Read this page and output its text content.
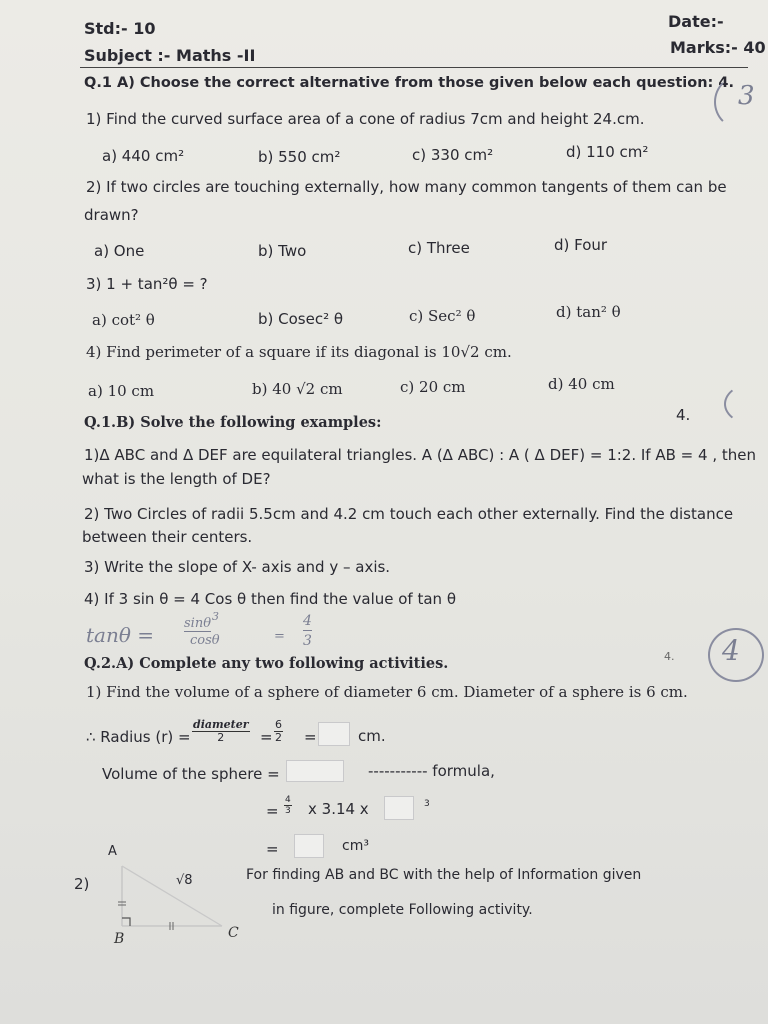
Std:- 10
Subject :- Maths -II
Date:-
Marks:- 40
Q.1 A) Choose the correct alternative from those given below each question: 4. 3
1) Find the curved surface area of a cone of radius 7cm and height 24.cm.
a) 440 cm²	b) 550 cm²	c) 330 cm²	d) 110 cm²
2) If two circles are touching externally, how many common tangents of them can be
drawn?
a) One	b) Two	c) Three	d) Four
3) 1 + tan²θ = ?
a) cot² θ	b) Cosec² θ	c) Sec² θ	d) tan² θ
4) Find perimeter of a square if its diagonal is 10√2 cm.
a) 10 cm	b) 40 √2 cm	c) 20 cm	d) 40 cm
Q.1.B) Solve the following examples:	4.
1)Δ ABC and Δ DEF are equilateral triangles. A (Δ ABC) : A ( Δ DEF) = 1:2. If AB = 4 , then
what is the length of DE?
2) Two Circles of radii 5.5cm and 4.2 cm touch each other externally. Find the distance
between their centers.
3) Write the slope of X- axis and y – axis.
4) If 3 sin θ = 4 Cos θ then find the value of tan θ
tanθ =
3
sinθ
cosθ	=
4
3
Q.2.A) Complete any two following activities.	4. 4
1) Find the volume of a sphere of diameter 6 cm. Diameter of a sphere is 6 cm.
∴ Radius $(r) = \frac{\text{diameter}}{2} = \frac{6}{2}$ =	cm.
Volume of the sphere =	----------- formula,
= $\frac{4}{3}$ x 3.14 x	3
=	cm³
2)
A
√8
B	C
For finding AB and BC with the help of Information given
in figure, complete Following activity.
